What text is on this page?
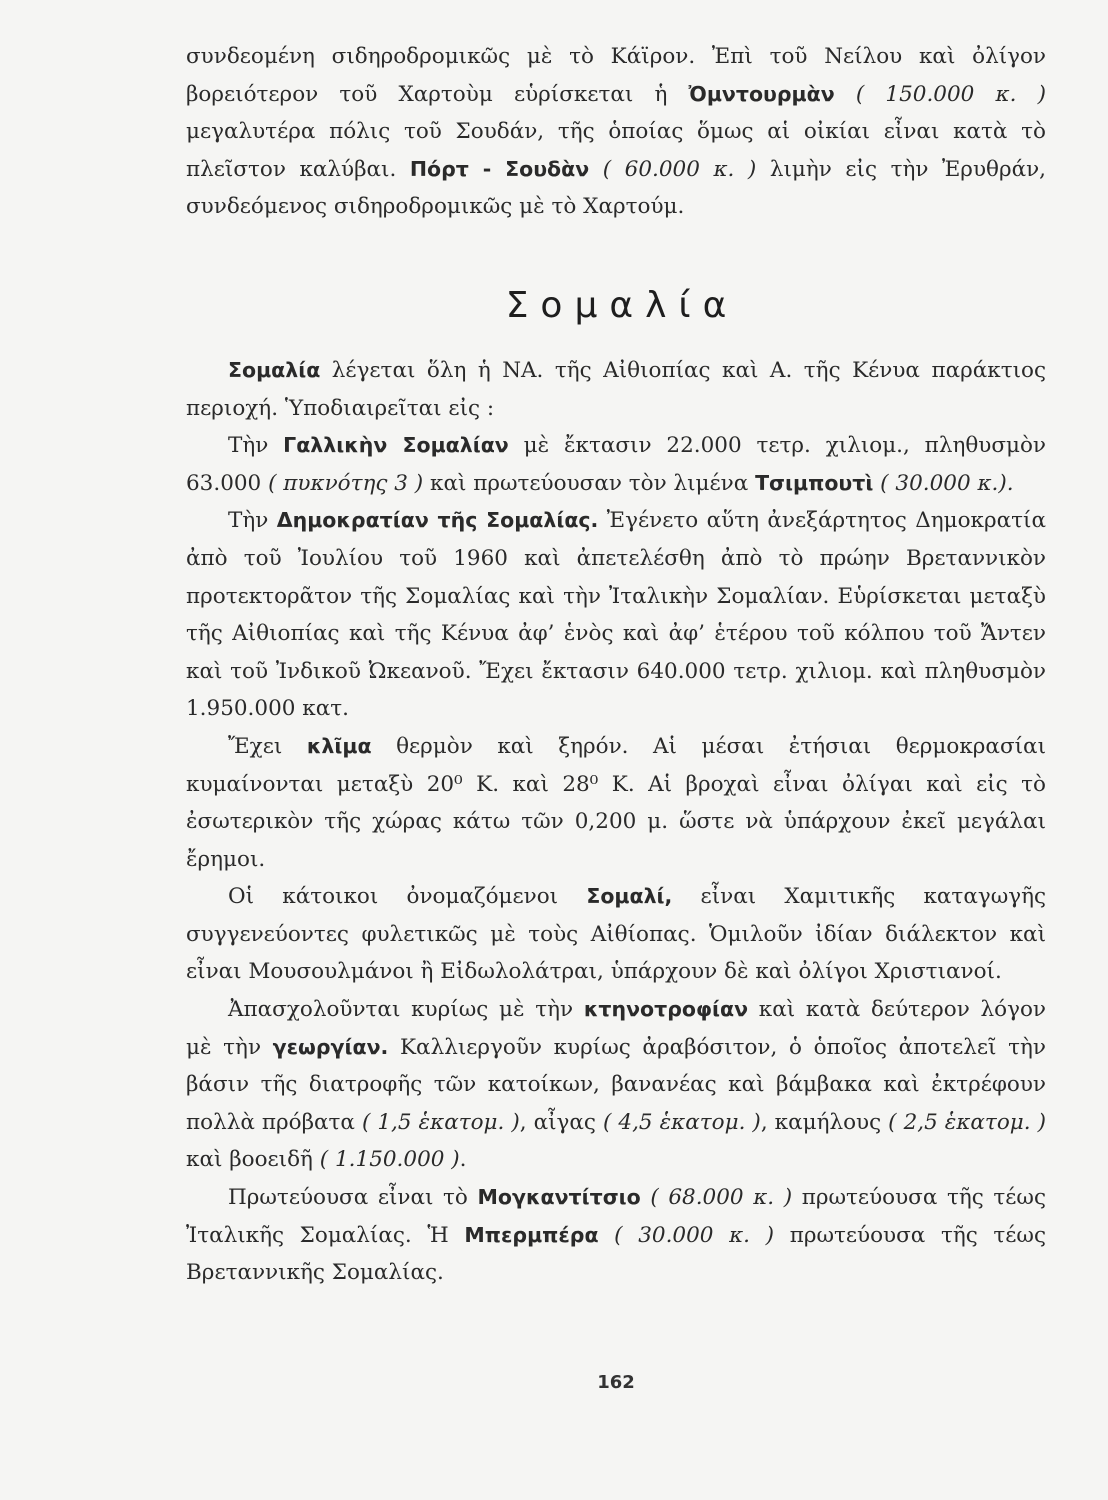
συνδεομένη σιδηροδρομικῶς μὲ τὸ Κάϊρον. Ἐπὶ τοῦ Νείλου καὶ ὀλίγον βορειότερον τοῦ Χαρτοὺμ εὑρίσκεται ἡ Ὀμντουρμὰν ( 150.000 κ. ) μεγαλυτέρα πόλις τοῦ Σουδάν, τῆς ὁποίας ὅμως αἱ οἰκίαι εἶναι κατὰ τὸ πλεῖστον καλύβαι. Πόρτ - Σουδὰν ( 60.000 κ. ) λιμὴν εἰς τὴν Ἐρυθράν, συνδεόμενος σιδηροδρομικῶς μὲ τὸ Χαρτούμ.

Σομαλία

Σομαλία λέγεται ὅλη ἡ ΝΑ. τῆς Αἰθιοπίας καὶ Α. τῆς Κένυα παράκτιος περιοχή. Ὑποδιαιρεῖται εἰς :

Τὴν Γαλλικὴν Σομαλίαν μὲ ἔκτασιν 22.000 τετρ. χιλιομ., πληθυσμὸν 63.000 ( πυκνότης 3 ) καὶ πρωτεύουσαν τὸν λιμένα Τσιμπουτὶ ( 30.000 κ.).

Τὴν Δημοκρατίαν τῆς Σομαλίας. Ἐγένετο αὕτη ἀνεξάρτητος Δημοκρατία ἀπὸ τοῦ Ἰουλίου τοῦ 1960 καὶ ἀπετελέσθη ἀπὸ τὸ πρώην Βρεταννικὸν προτεκτορᾶτον τῆς Σομαλίας καὶ τὴν Ἰταλικὴν Σομαλίαν. Εὑρίσκεται μεταξὺ τῆς Αἰθιοπίας καὶ τῆς Κένυα ἀφ’ ἑνὸς καὶ ἀφ’ ἑτέρου τοῦ κόλπου τοῦ Ἄντεν καὶ τοῦ Ἰνδικοῦ Ὠκεανοῦ. Ἔχει ἔκτασιν 640.000 τετρ. χιλιομ. καὶ πληθυσμὸν 1.950.000 κατ.

Ἔχει κλῖμα θερμὸν καὶ ξηρόν. Αἱ μέσαι ἐτήσιαι θερμοκρασίαι κυμαίνονται μεταξὺ 20⁰ Κ. καὶ 28⁰ Κ. Αἱ βροχαὶ εἶναι ὀλίγαι καὶ εἰς τὸ ἐσωτερικὸν τῆς χώρας κάτω τῶν 0,200 μ. ὥστε νὰ ὑπάρχουν ἐκεῖ μεγάλαι ἔρημοι.

Οἱ κάτοικοι ὀνομαζόμενοι Σομαλί, εἶναι Χαμιτικῆς καταγωγῆς συγγενεύοντες φυλετικῶς μὲ τοὺς Αἰθίοπας. Ὁμιλοῦν ἰδίαν διάλεκτον καὶ εἶναι Μουσουλμάνοι ἢ Εἰδωλολάτραι, ὑπάρχουν δὲ καὶ ὀλίγοι Χριστιανοί.

Ἀπασχολοῦνται κυρίως μὲ τὴν κτηνοτροφίαν καὶ κατὰ δεύτερον λόγον μὲ τὴν γεωργίαν. Καλλιεργοῦν κυρίως ἀραβόσιτον, ὁ ὁποῖος ἀποτελεῖ τὴν βάσιν τῆς διατροφῆς τῶν κατοίκων, βανανέας καὶ βάμβακα καὶ ἐκτρέφουν πολλὰ πρόβατα ( 1,5 ἑκατομ. ), αἶγας ( 4,5 ἑκατομ. ), καμήλους ( 2,5 ἑκατομ. ) καὶ βοοειδῆ ( 1.150.000 ).

Πρωτεύουσα εἶναι τὸ Μογκαντίτσιο ( 68.000 κ. ) πρωτεύουσα τῆς τέως Ἰταλικῆς Σομαλίας. Ἡ Μπερμπέρα ( 30.000 κ. ) πρωτεύουσα τῆς τέως Βρεταννικῆς Σομαλίας.

162
